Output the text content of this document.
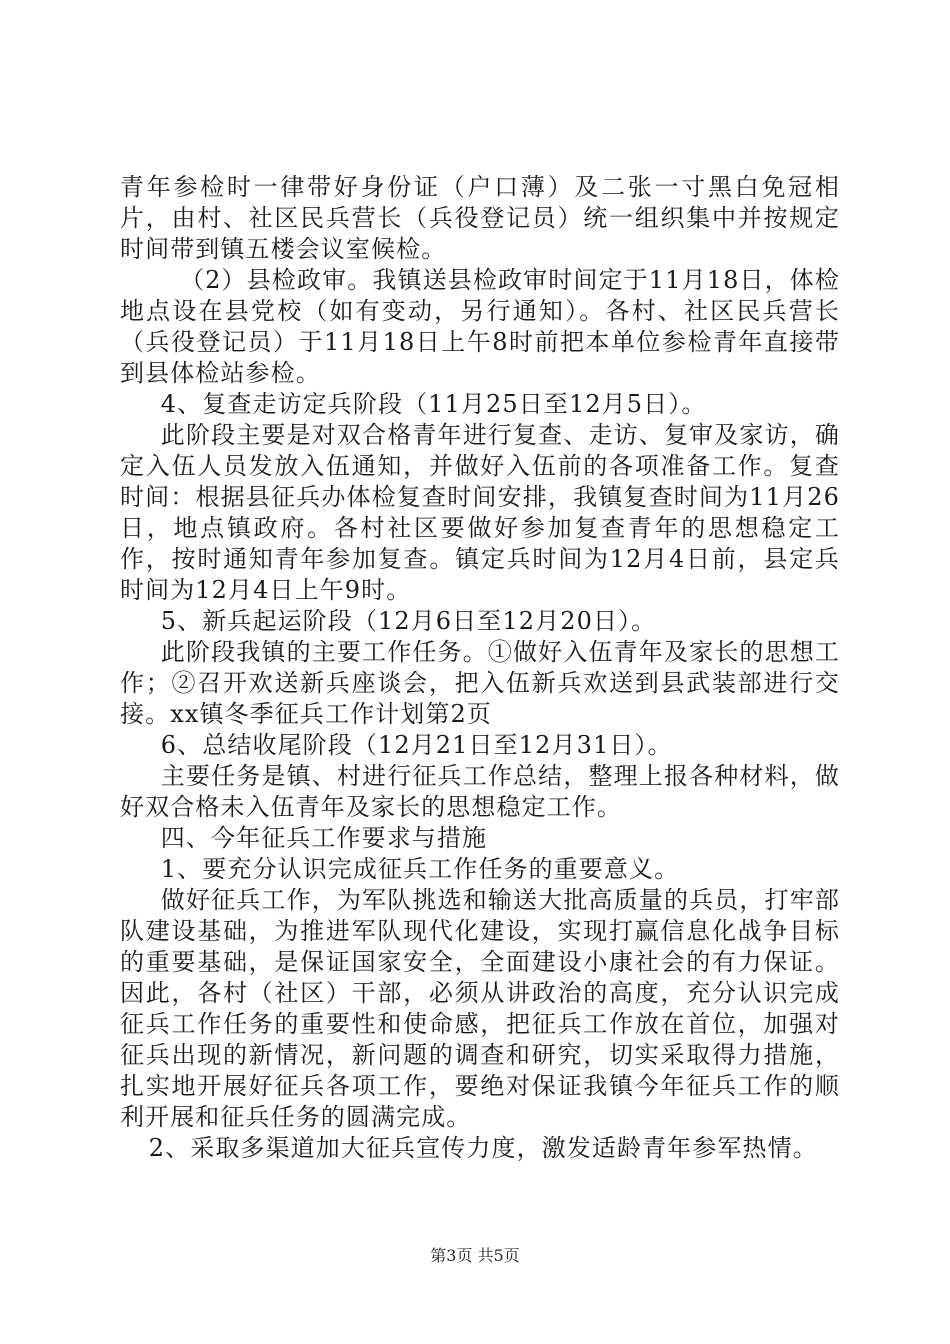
青年参检时一律带好身份证（户口薄）及二张一寸黑白免冠相片，由村、社区民兵营长（兵役登记员）统一组织集中并按规定时间带到镇五楼会议室候检。

（2）县检政审。我镇送县检政审时间定于11月18日，体检地点设在县党校（如有变动，另行通知）。各村、社区民兵营长（兵役登记员）于11月18日上午8时前把本单位参检青年直接带到县体检站参检。

4、复查走访定兵阶段（11月25日至12月5日）。

此阶段主要是对双合格青年进行复查、走访、复审及家访，确定入伍人员发放入伍通知，并做好入伍前的各项准备工作。复查时间：根据县征兵办体检复查时间安排，我镇复查时间为11月26日，地点镇政府。各村社区要做好参加复查青年的思想稳定工作，按时通知青年参加复查。镇定兵时间为12月4日前，县定兵时间为12月4日上午9时。

5、新兵起运阶段（12月6日至12月20日）。

此阶段我镇的主要工作任务。①做好入伍青年及家长的思想工作；②召开欢送新兵座谈会，把入伍新兵欢送到县武装部进行交接。xx镇冬季征兵工作计划第2页

6、总结收尾阶段（12月21日至12月31日）。

主要任务是镇、村进行征兵工作总结，整理上报各种材料，做好双合格未入伍青年及家长的思想稳定工作。

四、今年征兵工作要求与措施

1、要充分认识完成征兵工作任务的重要意义。

做好征兵工作，为军队挑选和输送大批高质量的兵员，打牢部队建设基础，为推进军队现代化建设，实现打赢信息化战争目标的重要基础，是保证国家安全，全面建设小康社会的有力保证。因此，各村（社区）干部，必须从讲政治的高度，充分认识完成征兵工作任务的重要性和使命感，把征兵工作放在首位，加强对征兵出现的新情况，新问题的调查和研究，切实采取得力措施，扎实地开展好征兵各项工作，要绝对保证我镇今年征兵工作的顺利开展和征兵任务的圆满完成。

2、采取多渠道加大征兵宣传力度，激发适龄青年参军热情。

第3页 共5页
